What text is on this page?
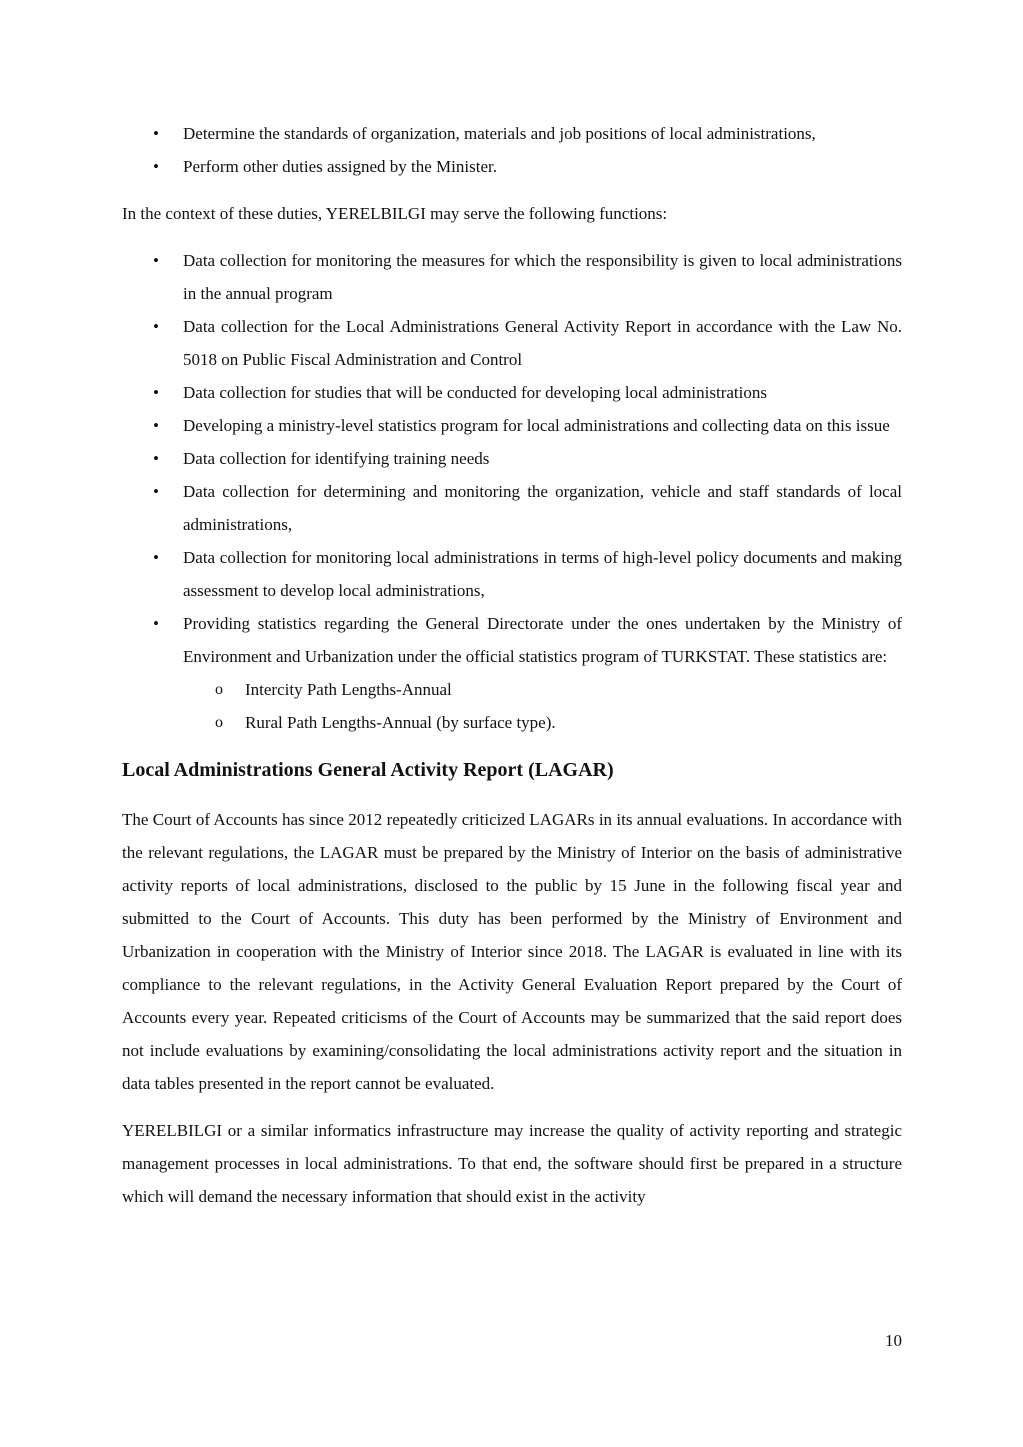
• Determine the standards of organization, materials and job positions of local administrations,
• Perform other duties assigned by the Minister.

In the context of these duties, YERELBILGI may serve the following functions:

• Data collection for monitoring the measures for which the responsibility is given to local administrations in the annual program
• Data collection for the Local Administrations General Activity Report in accordance with the Law No. 5018 on Public Fiscal Administration and Control
• Data collection for studies that will be conducted for developing local administrations
• Developing a ministry-level statistics program for local administrations and collecting data on this issue
• Data collection for identifying training needs
• Data collection for determining and monitoring the organization, vehicle and staff standards of local administrations,
• Data collection for monitoring local administrations in terms of high-level policy documents and making assessment to develop local administrations,
• Providing statistics regarding the General Directorate under the ones undertaken by the Ministry of Environment and Urbanization under the official statistics program of TURKSTAT. These statistics are:
o Intercity Path Lengths-Annual
o Rural Path Lengths-Annual (by surface type).
Local Administrations General Activity Report (LAGAR)

The Court of Accounts has since 2012 repeatedly criticized LAGARs in its annual evaluations. In accordance with the relevant regulations, the LAGAR must be prepared by the Ministry of Interior on the basis of administrative activity reports of local administrations, disclosed to the public by 15 June in the following fiscal year and submitted to the Court of Accounts. This duty has been performed by the Ministry of Environment and Urbanization in cooperation with the Ministry of Interior since 2018. The LAGAR is evaluated in line with its compliance to the relevant regulations, in the Activity General Evaluation Report prepared by the Court of Accounts every year. Repeated criticisms of the Court of Accounts may be summarized that the said report does not include evaluations by examining/consolidating the local administrations activity report and the situation in data tables presented in the report cannot be evaluated.

YERELBILGI or a similar informatics infrastructure may increase the quality of activity reporting and strategic management processes in local administrations. To that end, the software should first be prepared in a structure which will demand the necessary information that should exist in the activity

10
